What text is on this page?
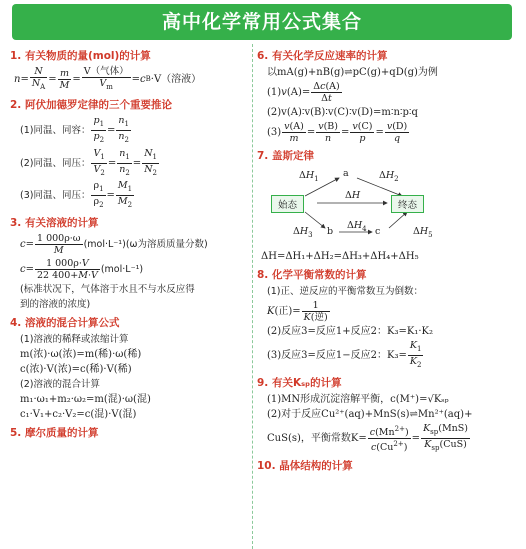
高中化学常用公式集合
1. 有关物质的量(mol)的计算
$n = \frac{N}{N_A} = \frac{m}{M} = \frac{\text{V（气体）}}{V_m} = c$ B · V（溶液）
2. 阿伏加德罗定律的三个重要推论
(1)同温、同容： $\frac{p_1}{p_2} = \frac{n_1}{n_2}$
(2)同温、同压： $\frac{V_1}{V_2} = \frac{n_1}{n_2} = \frac{N_1}{N_2}$
(3)同温、同压： $\frac{\rho_1}{\rho_2} = \frac{M_1}{M_2}$
3. 有关溶液的计算
$c = \frac{1 000\rho\cdot\omega}{M} (mol\cdot L^{-1})(\omega$为溶质质量分数)
$c = \frac{1 000\rho\cdot V}{22 400+M\cdot V} (mol\cdot L^{-1})$
(标准状况下，气体溶于水且不与水反应得
到的溶液的浓度)
4. 溶液的混合计算公式
(1)溶液的稀释或浓缩计算
m(浓)·ω(浓)=m(稀)·ω(稀)
c(浓)·V(浓)=c(稀)·V(稀)
(2)溶液的混合计算
m₁·ω₁+m₂·ω₂=m(混)·ω(混)
c₁·V₁+c₂·V₂=c(混)·V(混)
5. 摩尔质量的计算
6. 有关化学反应速率的计算
以mA(g)+nB(g)⇌pC(g)+qD(g)为例
(1) v $(A)= \frac{\Delta c(A)}{\Delta t}$
(2)v(A)∶v(B)∶v(C)∶v(D)=m∶n∶p∶q
$(3) \frac{v(A)}{m} = \frac{v(B)}{n} = \frac{v(C)}{p} = \frac{v(D)}{q}$
7. 盖斯定律
始态	终态
a
b	c
$\Delta H_1$	$\Delta H_2$
ΔH
$\Delta H_3$
$\Delta H_4$	$\Delta H_5$
ΔH=ΔH₁+ΔH₂=ΔH₃+ΔH₄+ΔH₅
8. 化学平衡常数的计算
(1)正、逆反应的平衡常数互为倒数：
K (正)= $\frac{1}{\text{K(逆)}}$
(2)反应3=反应1+反应2：K₃=K₁·K₂
(3)反应3=反应1−反应2：$K_3= \frac{K_1}{K_2}$
9. 有关Kₛₚ的计算
(1)MN形成沉淀溶解平衡，c(M⁺)=√Kₛₚ
(2)对于反应Cu²⁺(aq)+MnS(s)⇌Mn²⁺(aq)+
CuS(s)，平衡常数$K= \frac{c(Mn^{2+})}{c(Cu^{2+})} = \frac{K_{sp}(MnS)}{K_{sp}(CuS)}$
10. 晶体结构的计算
